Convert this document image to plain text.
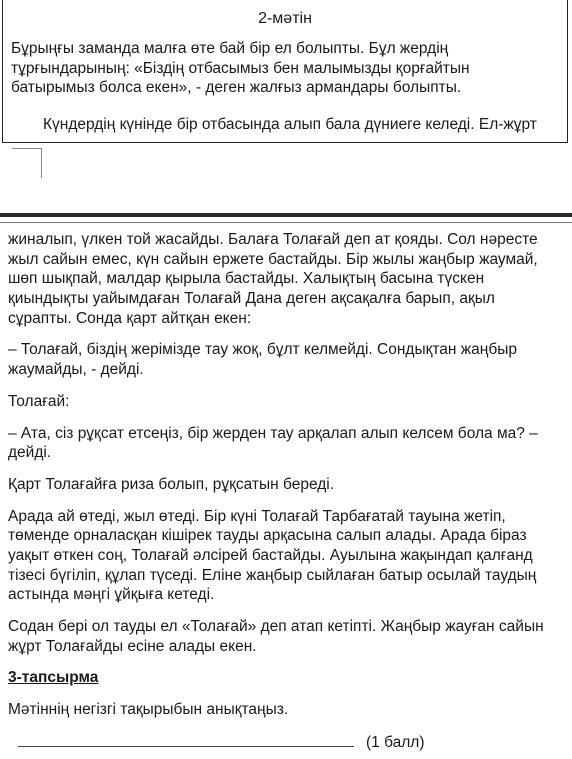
2-мәтін
Бұрыңғы заманда малға өте бай бір ел болыпты. Бұл жердің
тұрғындарының: «Біздің отбасымыз бен малымызды қорғайтын
батырымыз болса екен», - деген жалғыз армандары болыпты.
Күндердің күнінде бір отбасында алып бала дүниеге келеді. Ел-жұрт
жиналып, үлкен той жасайды. Балаға Толағай деп ат қояды. Сол нәресте
жыл сайын емес, күн сайын ержете бастайды. Бір жылы жаңбыр жаумай,
шөп шықпай, малдар қырыла бастайды. Халықтың басына түскен
қиындықты уайымдаған Толағай Дана деген ақсақалға барып, ақыл
сұрапты. Сонда қарт айтқан екен:
– Толағай, біздің жерімізде тау жоқ, бұлт келмейді. Сондықтан жаңбыр
жаумайды, - дейді.
Толағай:
– Ата, сіз рұқсат етсеңіз, бір жерден тау арқалап алып келсем бола ма? –
дейді.
Қарт Толағайға риза болып, рұқсатын береді.
Арада ай өтеді, жыл өтеді. Бір күні Толағай Тарбағатай тауына жетіп,
төменде орналасқан кішірек тауды арқасына салып алады. Арада біраз
уақыт өткен соң, Толағай әлсірей бастайды. Ауылына жақындап қалғанд
тізесі бүгіліп, құлап түседі. Еліне жаңбыр сыйлаған батыр осылай таудың
астында мәңгі ұйқыға кетеді.
Содан бері ол тауды ел «Толағай» деп атап кетіпті. Жаңбыр жауған сайын
жұрт Толағайды есіне алады екен.
3-тапсырма
Мәтіннің негізгі тақырыбын анықтаңыз.
(1 балл)
